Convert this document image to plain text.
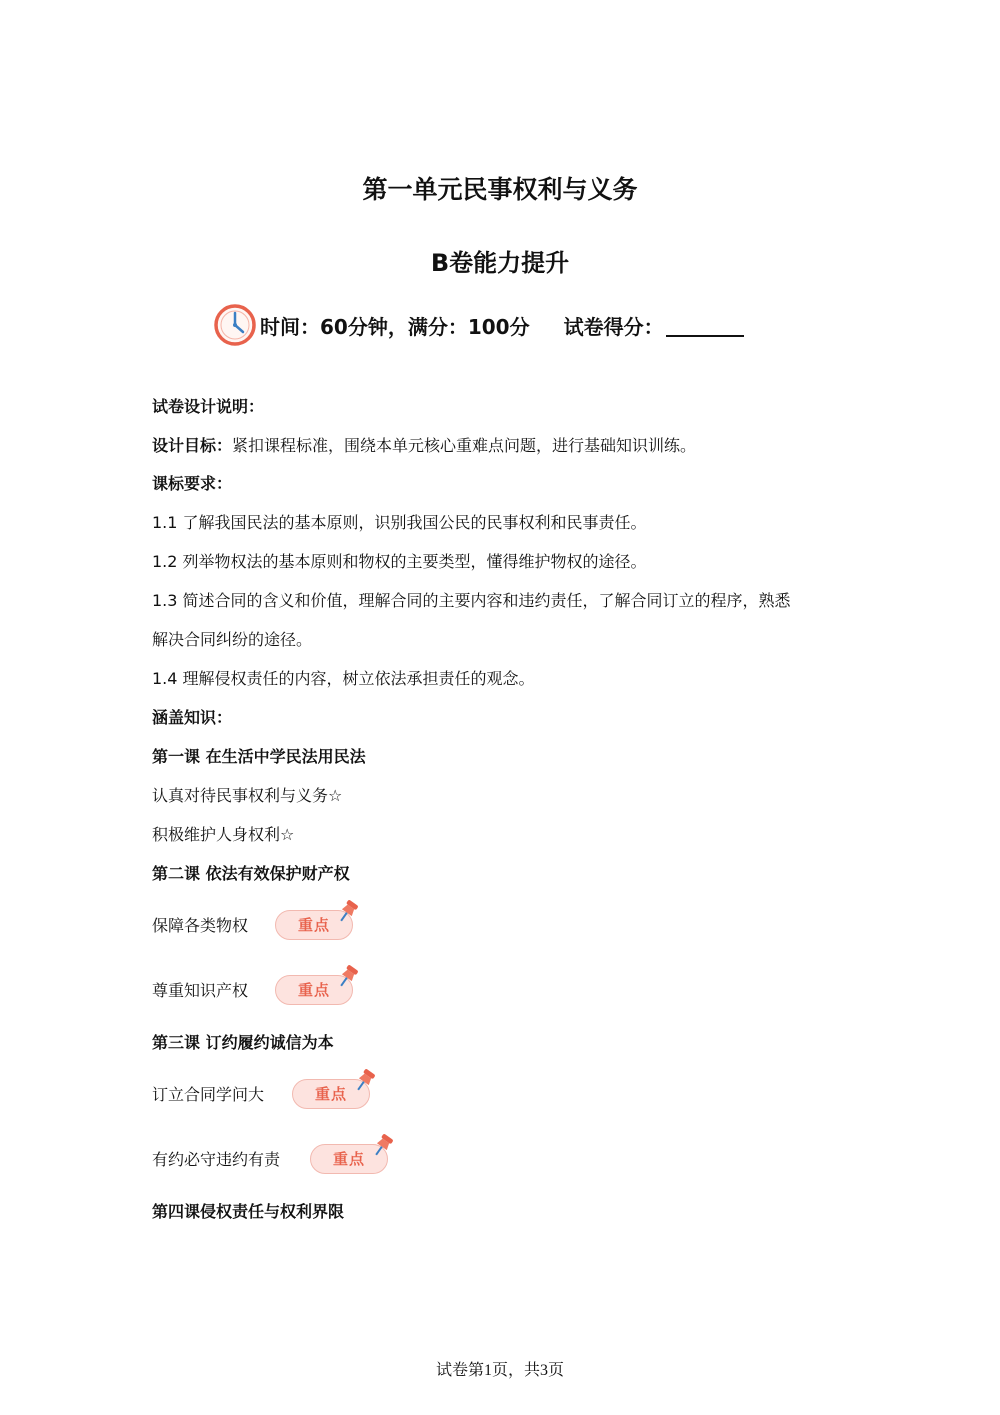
第一单元民事权利与义务
B卷能力提升
时间：60分钟，满分：100分 试卷得分：
试卷设计说明：
设计目标：紧扣课程标准，围绕本单元核心重难点问题，进行基础知识训练。
课标要求：
1.1 了解我国民法的基本原则，识别我国公民的民事权利和民事责任。
1.2 列举物权法的基本原则和物权的主要类型，懂得维护物权的途径。
1.3 简述合同的含义和价值，理解合同的主要内容和违约责任，了解合同订立的程序，熟悉
解决合同纠纷的途径。
1.4 理解侵权责任的内容，树立依法承担责任的观念。
涵盖知识：
第一课 在生活中学民法用民法
认真对待民事权利与义务☆
积极维护人身权利☆
第二课 依法有效保护财产权
保障各类物权	重点
尊重知识产权	重点
第三课 订约履约诚信为本
订立合同学问大	重点
有约必守违约有责	重点
第四课侵权责任与权利界限
试卷第1页，共3页
